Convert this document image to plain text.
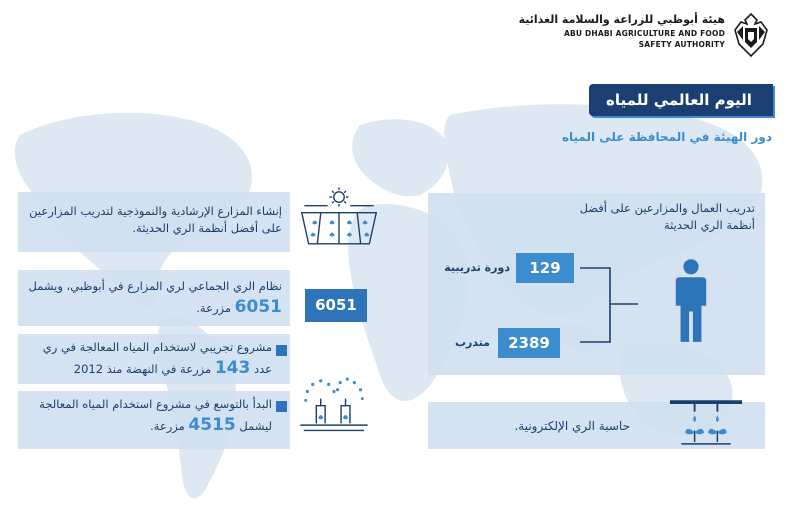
هيئة أبوظبي للزراعة والسلامة الغذائية
ABU DHABI AGRICULTURE AND FOOD
SAFETY AUTHORITY
اليوم العالمي للمياه
دور الهيئة في المحافظة على المياه
إنشاء المزارع الإرشادية والنموذجية لتدريب المزارعين على أفضل أنظمة الري الحديثة.
نظام الري الجماعي لري المزارع في أبوظبي، ويشمل 6051 مزرعة.	6051
مشروع تجريبي لاستخدام المياه المعالجة في ري عدد 143 مزرعة في النهضة منذ 2012
البدأ بالتوسع في مشروع استخدام المياه المعالجة ليشمل 4515 مزرعة.
تدريب العمال والمزارعين على أفضل أنظمة الري الحديثة
129
دورة تدريبية
2389
متدرب
حاسبة الري الإلكترونية.
